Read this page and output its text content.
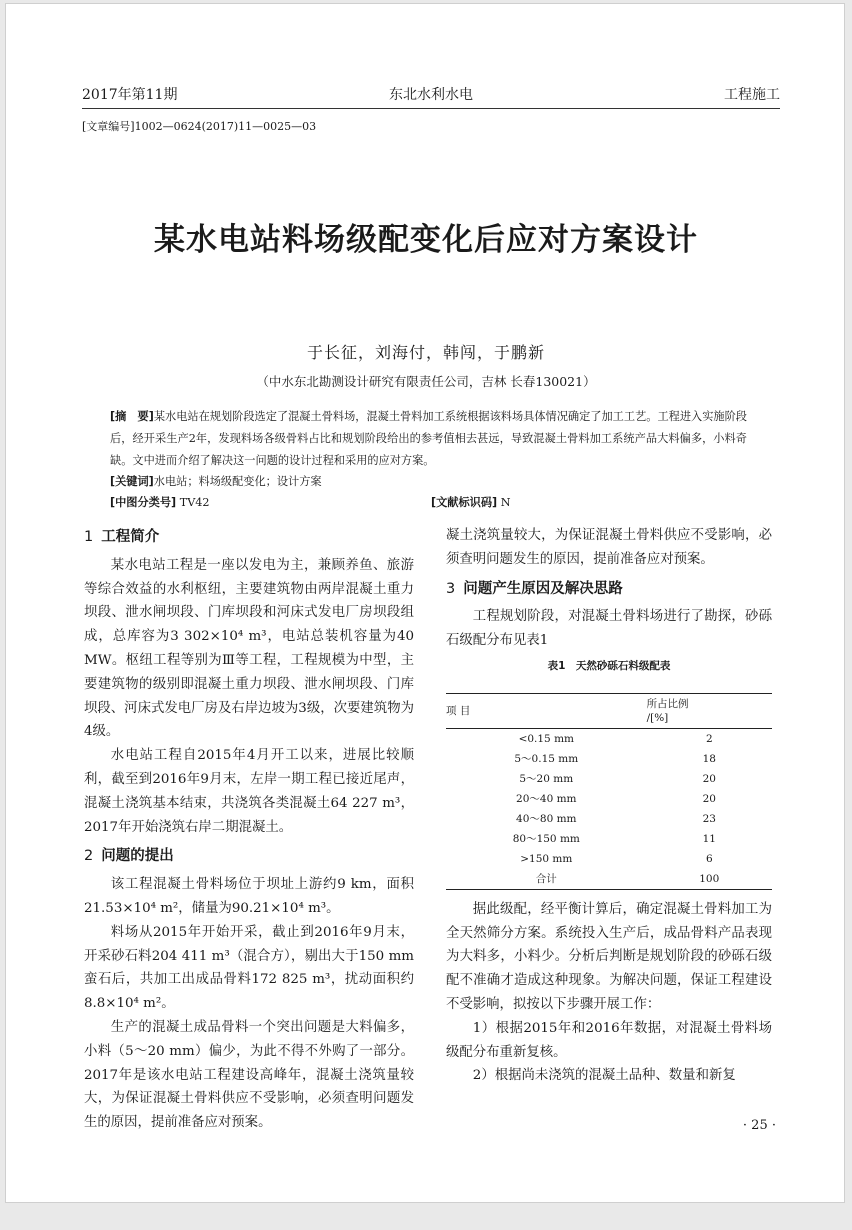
2017年第11期	东北水利水电	工程施工
[文章编号]1002—0624(2017)11—0025—03
某水电站料场级配变化后应对方案设计
于长征，刘海付，韩闯，于鹏新
（中水东北勘测设计研究有限责任公司，吉林 长春130021）
[摘　要]某水电站在规划阶段选定了混凝土骨料场，混凝土骨料加工系统根据该料场具体情况确定了加工工艺。工程进入实施阶段后，经开采生产2年，发现料场各级骨料占比和规划阶段给出的参考值相去甚远，导致混凝土骨料加工系统产品大料偏多，小料奇缺。文中进而介绍了解决这一问题的设计过程和采用的应对方案。
[关键词]水电站；料场级配变化；设计方案
[中图分类号] TV42	[文献标识码] N
1 工程简介

某水电站工程是一座以发电为主，兼顾养鱼、旅游等综合效益的水利枢纽，主要建筑物由两岸混凝土重力坝段、泄水闸坝段、门库坝段和河床式发电厂房坝段组成，总库容为3 302×10⁴ m³，电站总装机容量为40 MW。枢纽工程等别为Ⅲ等工程，工程规模为中型，主要建筑物的级别即混凝土重力坝段、泄水闸坝段、门库坝段、河床式发电厂房及右岸边坡为3级，次要建筑物为4级。

水电站工程自2015年4月开工以来，进展比较顺利，截至到2016年9月末，左岸一期工程已接近尾声，混凝土浇筑基本结束，共浇筑各类混凝土64 227 m³，2017年开始浇筑右岸二期混凝土。

2 问题的提出

该工程混凝土骨料场位于坝址上游约9 km，面积21.53×10⁴ m²，储量为90.21×10⁴ m³。

料场从2015年开始开采，截止到2016年9月末，开采砂石料204 411 m³（混合方），剔出大于150 mm蛮石后，共加工出成品骨料172 825 m³，扰动面积约8.8×10⁴ m²。

生产的混凝土成品骨料一个突出问题是大料偏多，小料（5～20 mm）偏少，为此不得不外购了一部分。2017年是该水电站工程建设高峰年，混凝土浇筑量较大，为保证混凝土骨料供应不受影响，必须查明问题发生的原因，提前准备应对预案。

凝土浇筑量较大，为保证混凝土骨料供应不受影响，必须查明问题发生的原因，提前准备应对预案。

3 问题产生原因及解决思路

工程规划阶段，对混凝土骨料场进行了勘探，砂砾石级配分布见表1

表1　天然砂砾石料级配表
项 目	所占比例
/[%]
<0.15 mm	2
5～0.15 mm	18
5～20 mm	20
20～40 mm	20
40～80 mm	23
80～150 mm	11
>150 mm	6
合计	100

据此级配，经平衡计算后，确定混凝土骨料加工为全天然筛分方案。系统投入生产后，成品骨料产品表现为大料多，小料少。分析后判断是规划阶段的砂砾石级配不准确才造成这种现象。为解决问题，保证工程建设不受影响，拟按以下步骤开展工作：

1）根据2015年和2016年数据，对混凝土骨料场级配分布重新复核。

2）根据尚未浇筑的混凝土品种、数量和新复

· 25 ·
